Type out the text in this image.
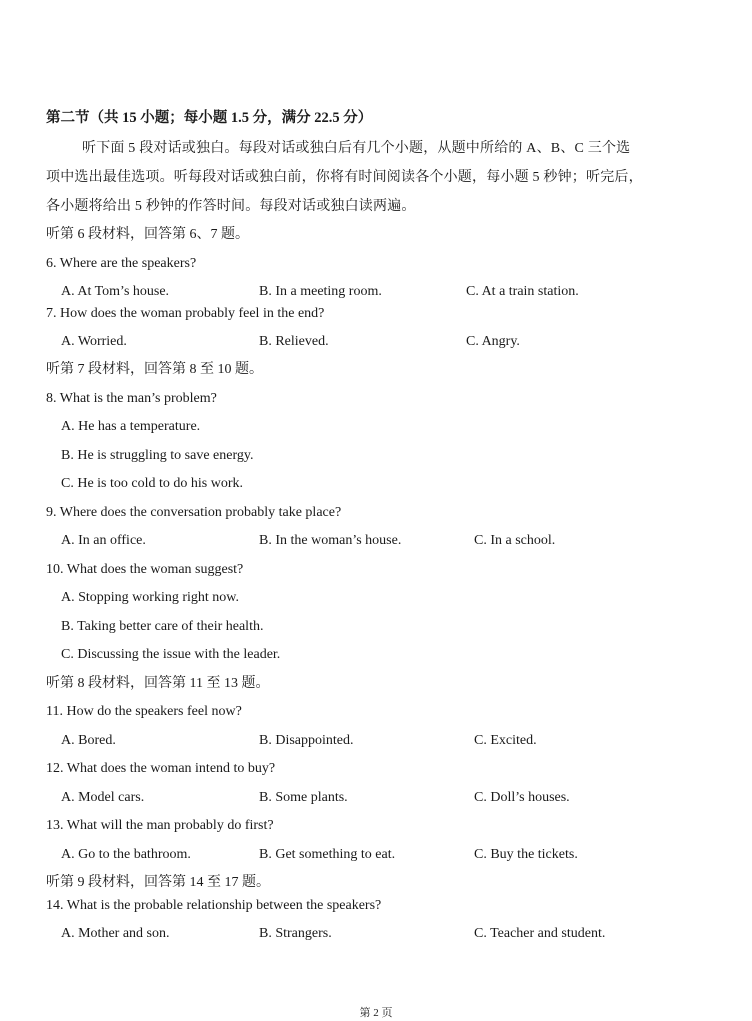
第二节（共 15 小题；每小题 1.5 分，满分 22.5 分）
听下面 5 段对话或独白。每段对话或独白后有几个小题，从题中所给的 A、B、C 三个选
项中选出最佳选项。听每段对话或独白前，你将有时间阅读各个小题，每小题 5 秒钟；听完后，
各小题将给出 5 秒钟的作答时间。每段对话或独白读两遍。
听第 6 段材料，回答第 6、7 题。
6. Where are the speakers?
A. At Tom’s house.	B. In a meeting room.	C. At a train station.
7. How does the woman probably feel in the end?
A. Worried.	B. Relieved.	C. Angry.
听第 7 段材料，回答第 8 至 10 题。
8. What is the man’s problem?
A. He has a temperature.
B. He is struggling to save energy.
C. He is too cold to do his work.
9. Where does the conversation probably take place?
A. In an office.	B. In the woman’s house.	C. In a school.
10. What does the woman suggest?
A. Stopping working right now.
B. Taking better care of their health.
C. Discussing the issue with the leader.
听第 8 段材料，回答第 11 至 13 题。
11. How do the speakers feel now?
A. Bored.	B. Disappointed.	C. Excited.
12. What does the woman intend to buy?
A. Model cars.	B. Some plants.	C. Doll’s houses.
13. What will the man probably do first?
A. Go to the bathroom.	B. Get something to eat.	C. Buy the tickets.
听第 9 段材料，回答第 14 至 17 题。
14. What is the probable relationship between the speakers?
A. Mother and son.	B. Strangers.	C. Teacher and student.
第 2 页
